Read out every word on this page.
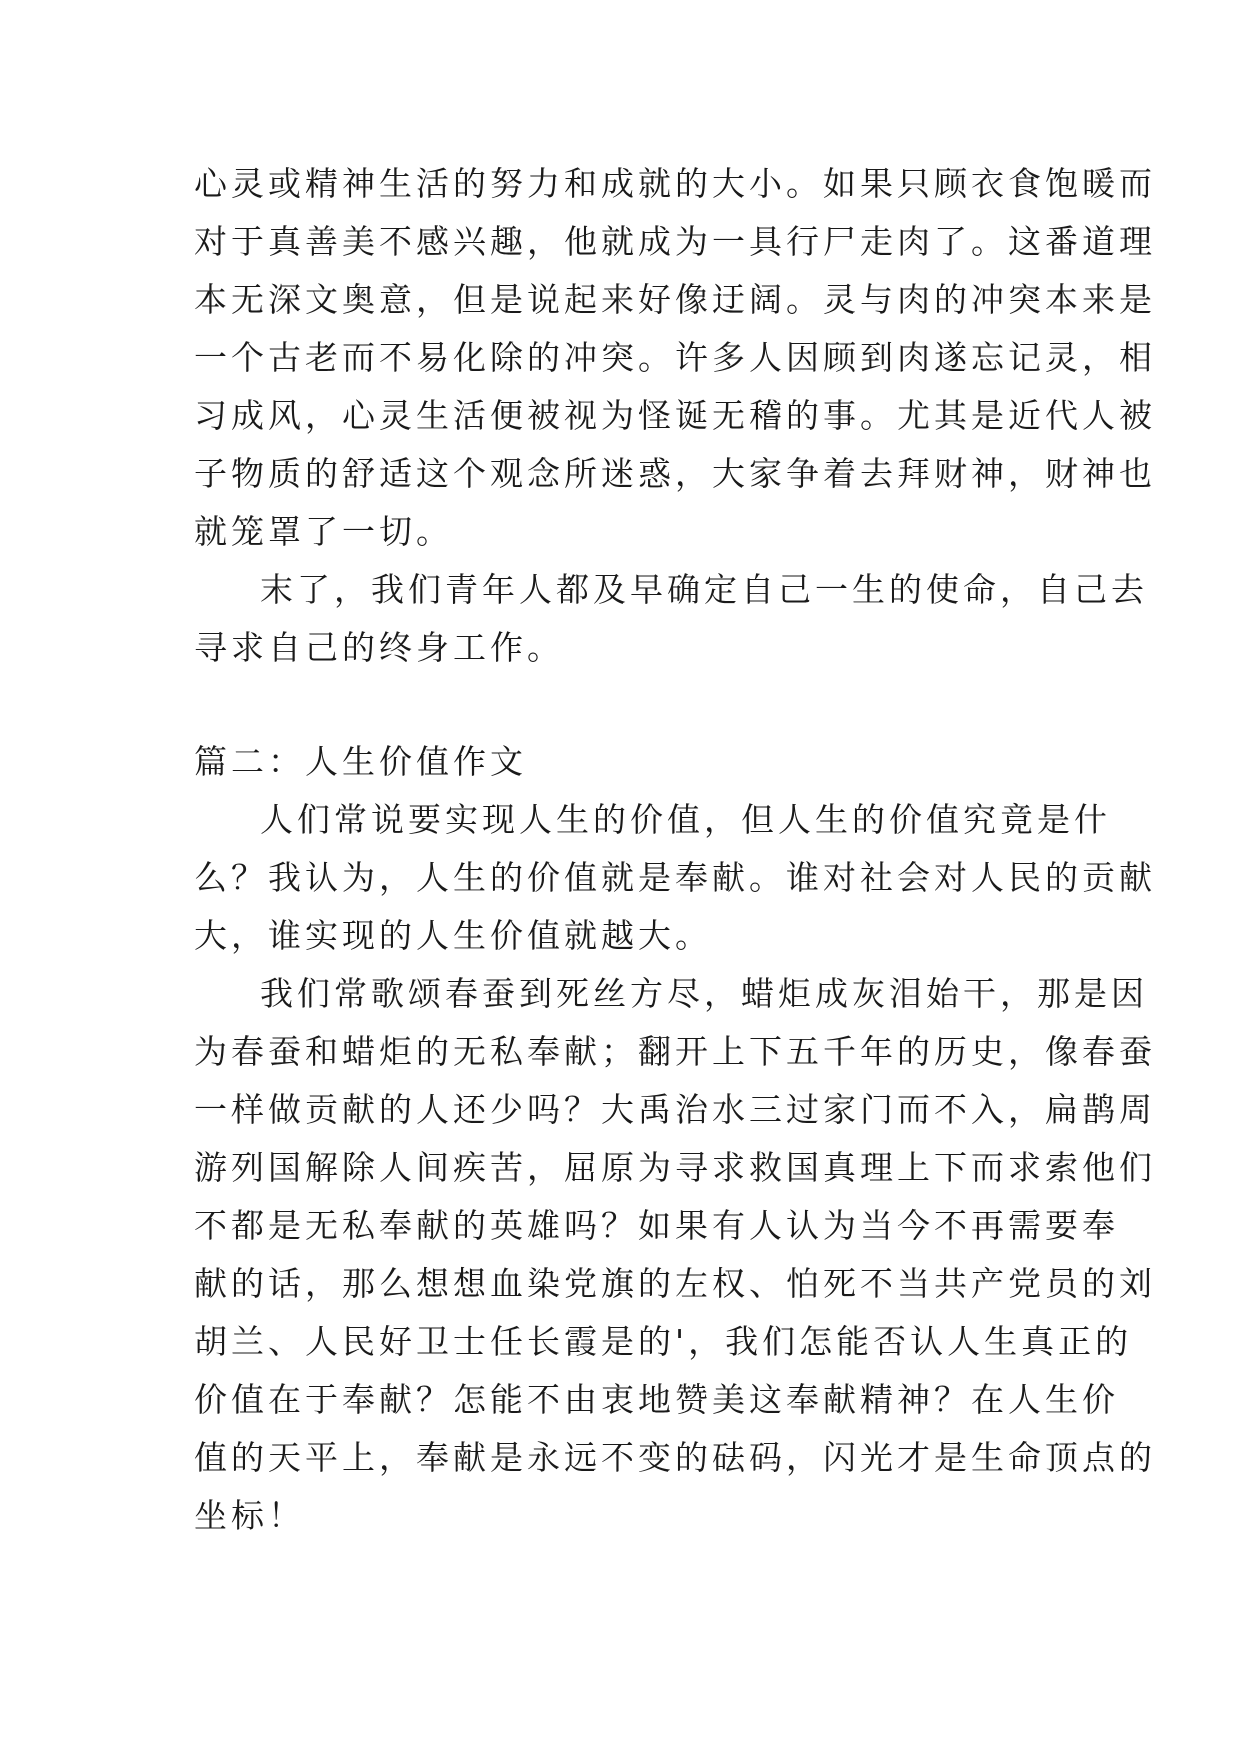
心灵或精神生活的努力和成就的大小。如果只顾衣食饱暖而
对于真善美不感兴趣，他就成为一具行尸走肉了。这番道理
本无深文奥意，但是说起来好像迂阔。灵与肉的冲突本来是
一个古老而不易化除的冲突。许多人因顾到肉遂忘记灵，相
习成风，心灵生活便被视为怪诞无稽的事。尤其是近代人被
子物质的舒适这个观念所迷惑，大家争着去拜财神，财神也
就笼罩了一切。
末了，我们青年人都及早确定自己一生的使命，自己去
寻求自己的终身工作。
篇二：人生价值作文
人们常说要实现人生的价值，但人生的价值究竟是什
么？我认为，人生的价值就是奉献。谁对社会对人民的贡献
大，谁实现的人生价值就越大。
我们常歌颂春蚕到死丝方尽，蜡炬成灰泪始干，那是因
为春蚕和蜡炬的无私奉献；翻开上下五千年的历史，像春蚕
一样做贡献的人还少吗？大禹治水三过家门而不入，扁鹊周
游列国解除人间疾苦，屈原为寻求救国真理上下而求索他们
不都是无私奉献的英雄吗？如果有人认为当今不再需要奉
献的话，那么想想血染党旗的左权、怕死不当共产党员的刘
胡兰、人民好卫士任长霞是的'，我们怎能否认人生真正的
价值在于奉献？怎能不由衷地赞美这奉献精神？在人生价
值的天平上，奉献是永远不变的砝码，闪光才是生命顶点的
坐标！
